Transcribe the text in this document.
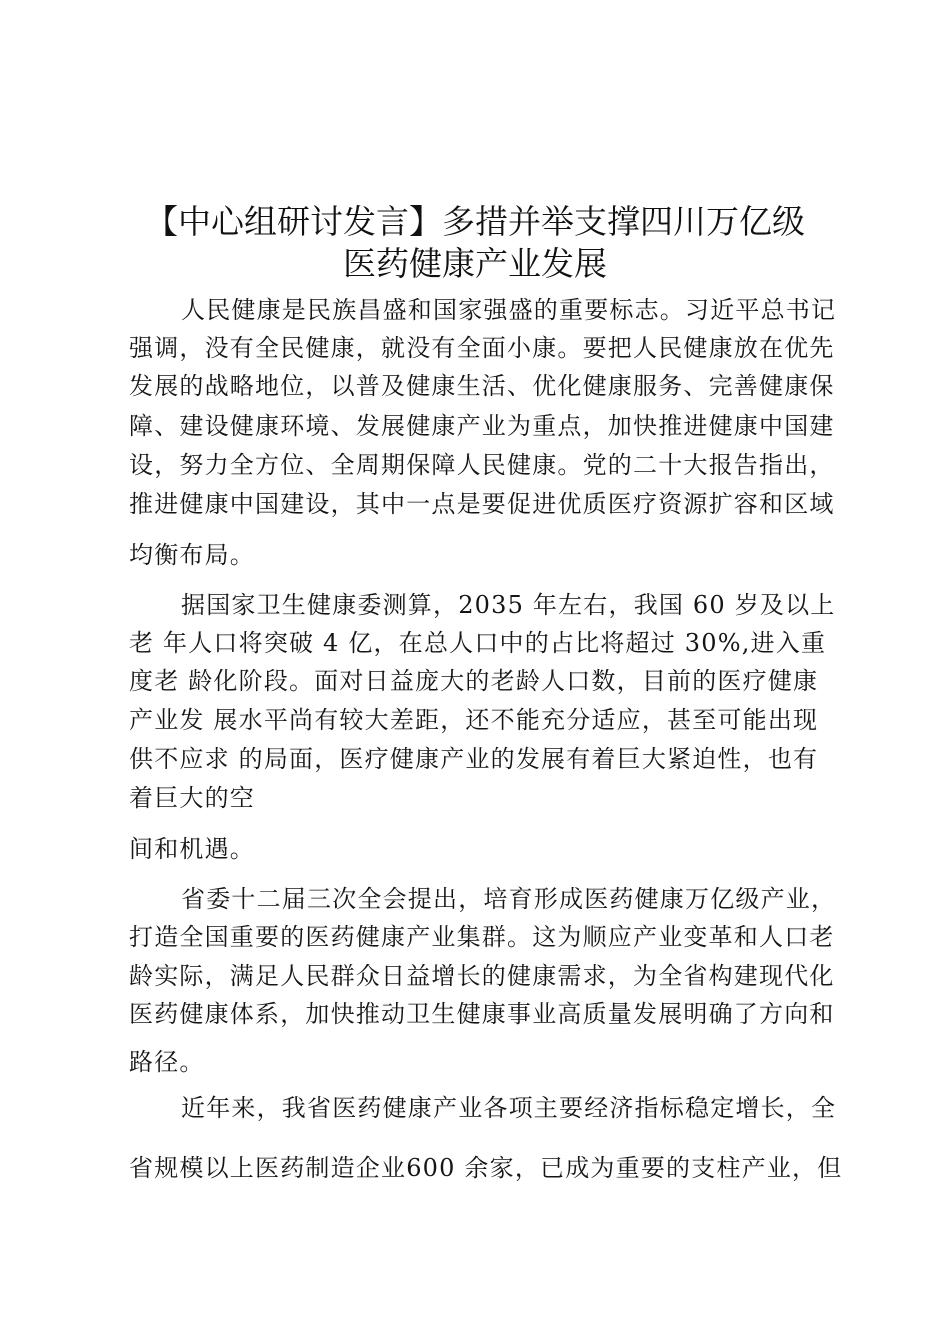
【中心组研讨发言】多措并举支撑四川万亿级
医药健康产业发展
人民健康是民族昌盛和国家强盛的重要标志。习近平总书记
强调，没有全民健康，就没有全面小康。要把人民健康放在优先
发展的战略地位，以普及健康生活、优化健康服务、完善健康保
障、建设健康环境、发展健康产业为重点，加快推进健康中国建
设，努力全方位、全周期保障人民健康。党的二十大报告指出，
推进健康中国建设，其中一点是要促进优质医疗资源扩容和区域
均衡布局。
据国家卫生健康委测算，2035 年左右，我国 60 岁及以上
老 年人口将突破 4 亿，在总人口中的占比将超过 30%,进入重
度老 龄化阶段。面对日益庞大的老龄人口数，目前的医疗健康
产业发 展水平尚有较大差距，还不能充分适应，甚至可能出现
供不应求 的局面，医疗健康产业的发展有着巨大紧迫性，也有
着巨大的空
间和机遇。
省委十二届三次全会提出，培育形成医药健康万亿级产业，
打造全国重要的医药健康产业集群。这为顺应产业变革和人口老
龄实际，满足人民群众日益增长的健康需求，为全省构建现代化
医药健康体系，加快推动卫生健康事业高质量发展明确了方向和
路径。
近年来，我省医药健康产业各项主要经济指标稳定增长，全
省规模以上医药制造企业600 余家，已成为重要的支柱产业，但
